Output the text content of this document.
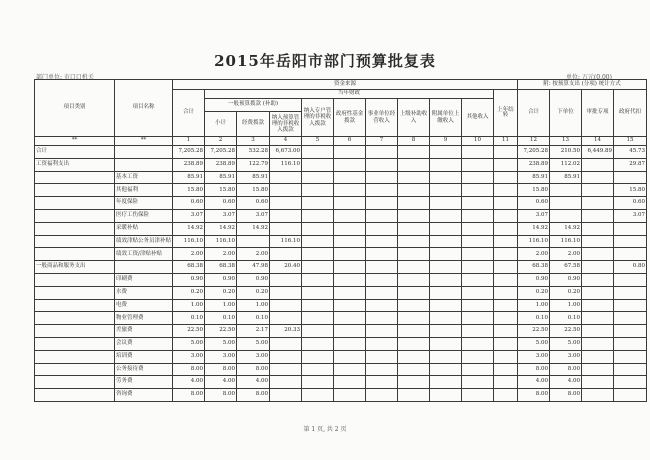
2015年岳阳市部门预算批复表
部门单位: 市口口机关	单位: 万元(0.00)
项目类别	项目名称	资金来源											附: 按预算支出 (分项) 统计方式			
		合计	当年财政									上年结转	合计	下单位	审批专项	政府代扣
			一般预算拨款 (补助)			纳入专户管理的非税收入拨款	政府性基金拨款	事业单位经营收入	上级补助收入	附属单位上缴收入	其他收入					
			小计	经费拨款	纳入预算管理的非税收入拨款											
**	**	1	2	3	4	5	6	7	8	9	10	11	12	13	14	15
合计		7,205.28	7,205.28	532.28	6,673.00								7,205.28	210.50	6,449.89	45.73
工资福利支出		238.89	238.89	122.79	116.10								238.89	112.02		29.87
	基本工资	85.91	85.91	85.91									85.91	85.91		
	其他福利	15.80	15.80	15.80									15.80			15.80
	年度保险	0.60	0.60	0.60									0.60			0.60
	医疗工伤保险	3.07	3.07	3.07									3.07			3.07
	采暖补贴	14.92	14.92	14.92									14.92	14.92		
	绩效津贴公务员津补贴	116.10	116.10		116.10								116.10	116.10		
	绩效工资/津贴补贴	2.00	2.00	2.00									2.00	2.00		
一般商品和服务支出		68.38	68.38	47.98	20.40								68.38	67.58		0.80
	印刷费	0.90	0.90	0.90									0.90	0.90		
	水费	0.20	0.20	0.20									0.20	0.20		
	电费	1.00	1.00	1.00									1.00	1.00		
	物业管理费	0.10	0.10	0.10									0.10	0.10		
	差旅费	22.50	22.50	2.17	20.33								22.50	22.50		
	会议费	5.00	5.00	5.00									5.00	5.00		
	培训费	3.00	3.00	3.00									3.00	3.00		
	公务接待费	8.00	8.00	8.00									8.00	8.00		
	劳务费	4.00	4.00	4.00									4.00	4.00		
	咨询费	8.00	8.00	8.00									8.00	8.00		
第 1 页, 共 2 页
